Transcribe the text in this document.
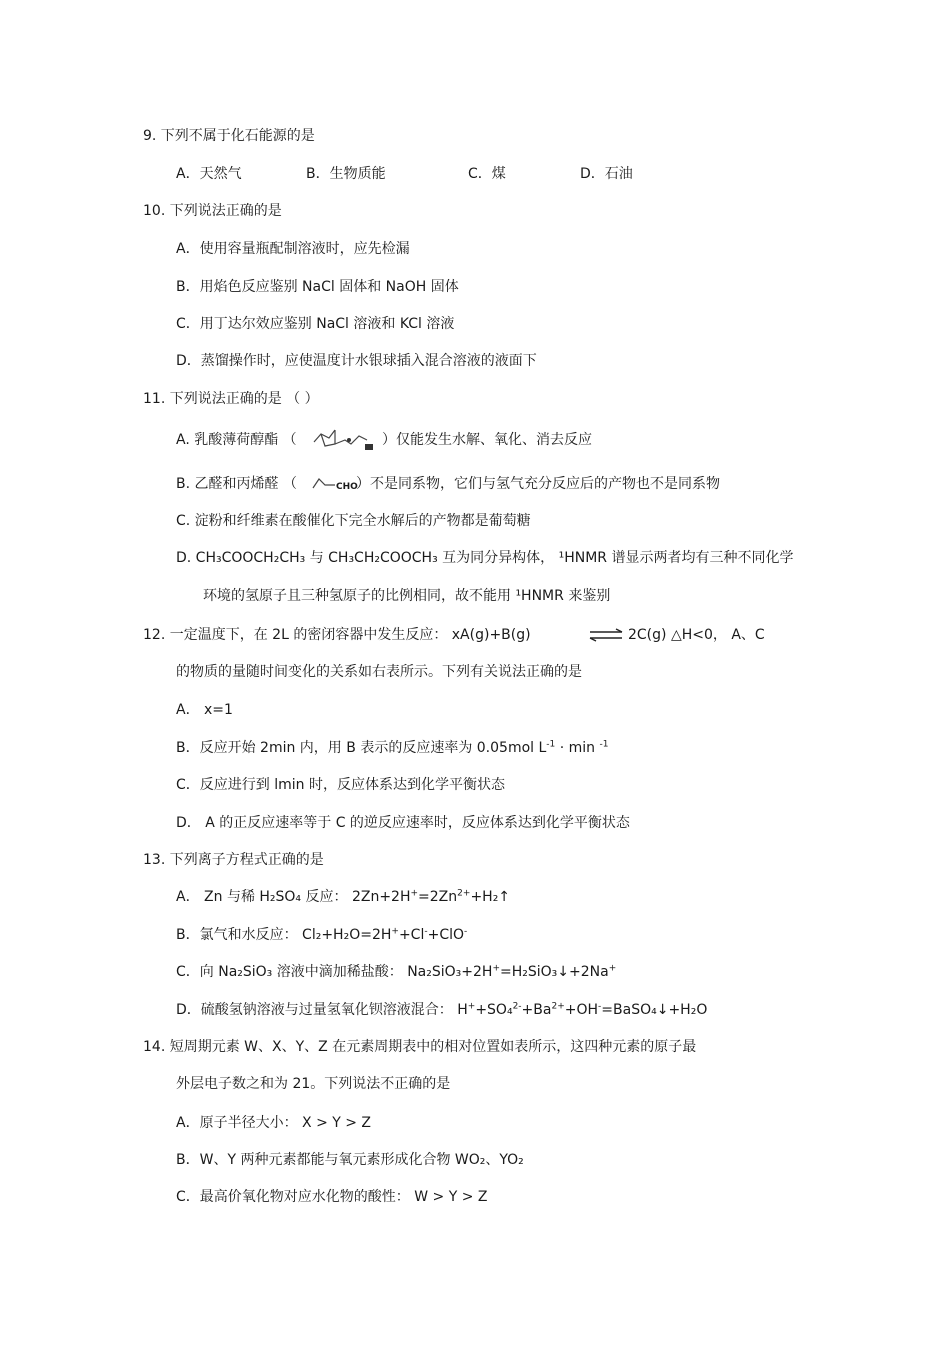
9. 下列不属于化石能源的是
A．天然气	B．生物质能	C．煤	D．石油
10. 下列说法正确的是
A．使用容量瓶配制溶液时，应先检漏
B．用焰色反应鉴别 NaCl 固体和 NaOH 固体
C．用丁达尔效应鉴别 NaCl 溶液和 KCl 溶液
D．蒸馏操作时，应使温度计水银球插入混合溶液的液面下
11. 下列说法正确的是 （ ）
A. 乳酸薄荷醇酯 （	）仅能发生水解、氧化、消去反应
B. 乙醛和丙烯醛 （	CHO
）不是同系物，它们与氢气充分反应后的产物也不是同系物
C. 淀粉和纤维素在酸催化下完全水解后的产物都是葡萄糖
D. CH₃COOCH₂CH₃ 与 CH₃CH₂COOCH₃ 互为同分异构体， ¹HNMR 谱显示两者均有三种不同化学
环境的氢原子且三种氢原子的比例相同，故不能用 ¹HNMR 来鉴别
12. 一定温度下，在 2L 的密闭容器中发生反应： xA(g)+B(g)	⇌ 2C(g) △H<0， A、C
的物质的量随时间变化的关系如右表所示。下列有关说法正确的是
A． x=1
B．反应开始 2min 内，用 B 表示的反应速率为 0.05mol $L^{-1} \cdot \min ^{-1}$
C．反应进行到 lmin 时，反应体系达到化学平衡状态
D． A 的正反应速率等于 C 的逆反应速率时，反应体系达到化学平衡状态
13. 下列离子方程式正确的是
A． Zn 与稀 H₂SO₄ 反应： $2Zn+2H^+=2Zn^{2+}+H_2↑$
B．氯气和水反应： Cl₂+H₂O=2H++Cl-+ClO-
C．向 Na₂SiO₃ 溶液中滴加稀盐酸： Na₂SiO₃+2H+=H₂SiO₃↓+2Na+
D．硫酸氢钠溶液与过量氢氧化钡溶液混合： $H^++SO_4^{2-}+Ba^{2+}+OH^-=BaSO_4↓+H_2O$
14. 短周期元素 W、X、Y、Z 在元素周期表中的相对位置如表所示，这四种元素的原子最
外层电子数之和为 21。下列说法不正确的是
A．原子半径大小： X > Y > Z
B．W、Y 两种元素都能与氧元素形成化合物 WO₂、YO₂
C．最高价氧化物对应水化物的酸性： W > Y > Z
